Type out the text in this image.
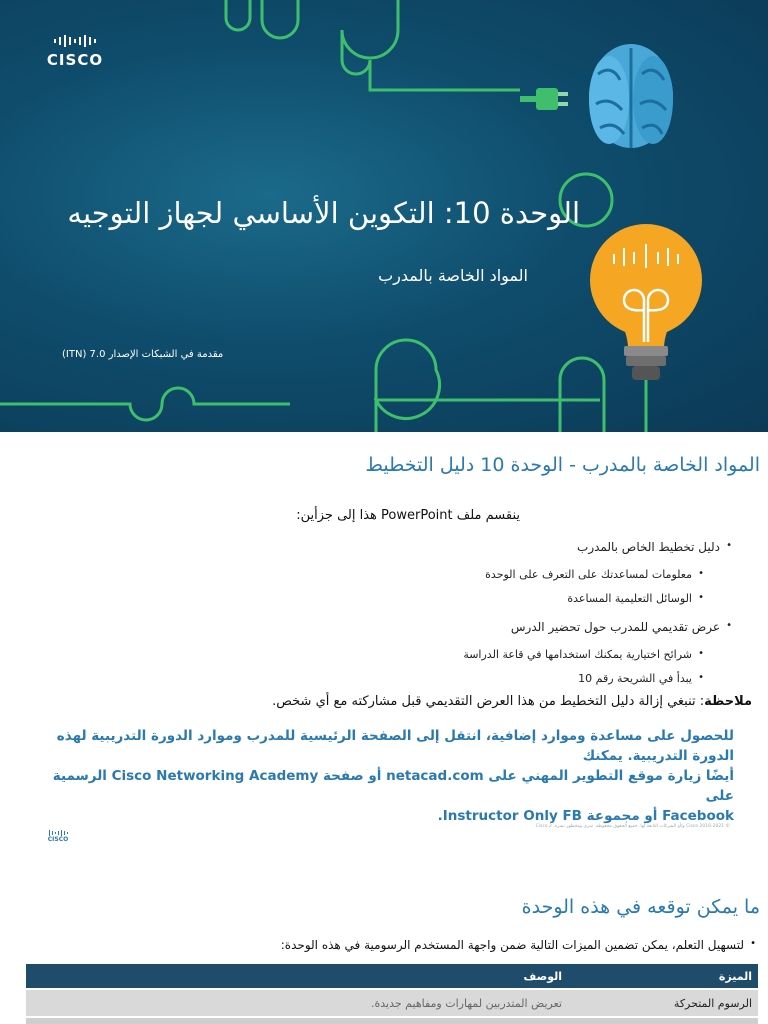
CISCO
الوحدة 10: التكوين الأساسي لجهاز التوجيه
المواد الخاصة بالمدرب
مقدمة في الشبكات الإصدار 7.0 (ITN)
المواد الخاصة بالمدرب - الوحدة 10 دليل التخطيط
ينقسم ملف PowerPoint هذا إلى جزأين:
دليل تخطيط الخاص بالمدرب •
معلومات لمساعدتك على التعرف على الوحدة •
الوسائل التعليمية المساعدة •
عرض تقديمي للمدرب حول تحضير الدرس •
شرائح اختيارية يمكنك استخدامها في قاعة الدراسة •
يبدأ في الشريحة رقم 10 •
ملاحظة: تنبغي إزالة دليل التخطيط من هذا العرض التقديمي قبل مشاركته مع أي شخص.
للحصول على مساعدة وموارد إضافية، انتقل إلى الصفحة الرئيسية للمدرب وموارد الدورة التدريبية لهذه الدورة التدريبية. يمكنك
أيضًا زيارة موقع التطوير المهني على netacad.com أو صفحة Cisco Networking Academy الرسمية على
Facebook أو مجموعة Instructor Only FB.
CISCO
© 2016-2021 Cisco و/أو الشركات التابعة لها. جميع الحقوق محفوظة. سري ومحظور نشره. Cisco 2
ما يمكن توقعه في هذه الوحدة
لتسهيل التعلم، يمكن تضمين الميزات التالية ضمن واجهة المستخدم الرسومية في هذه الوحدة: •
الميزة	الوصف
الرسوم المتحركة	تعريض المتدربين لمهارات ومفاهيم جديدة.
